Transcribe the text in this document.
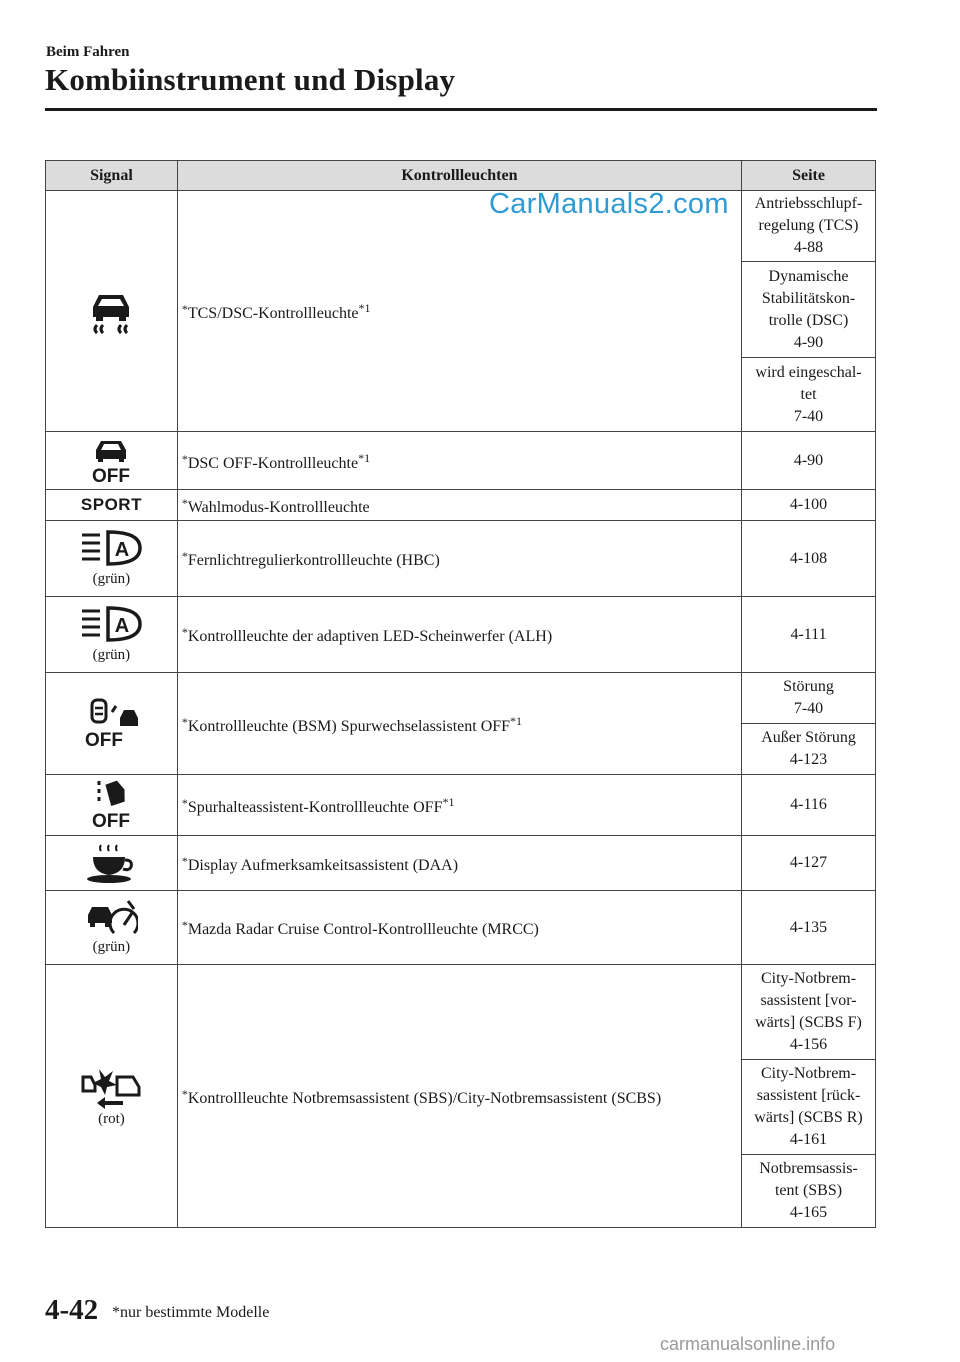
Beim Fahren
Kombiinstrument und Display
Signal	Kontrollleuchten	Seite

	*TCS/DSC-Kontrollleuchte$^{*1}$	Antriebsschlupf-
regelung (TCS)
4-88

		Dynamische
Stabilitätskon-
trolle (DSC)
4-90

		wird eingeschal-
tet
7-40

OFF	*DSC OFF-Kontrollleuchte$^{*1}$	4-90

SPORT	*Wahlmodus-Kontrollleuchte	4-100

A
(grün)	*Fernlichtregulierkontrollleuchte (HBC)	4-108

A
(grün)	*Kontrollleuchte der adaptiven LED-Scheinwerfer (ALH)	4-111

OFF	*Kontrollleuchte (BSM) Spurwechselassistent OFF$^{*1}$	Störung
7-40

		Außer Störung
4-123

OFF	*Spurhalteassistent-Kontrollleuchte OFF$^{*1}$	4-116

	*Display Aufmerksamkeitsassistent (DAA)	4-127

(grün)	*Mazda Radar Cruise Control-Kontrollleuchte (MRCC)	4-135

(rot)	*Kontrollleuchte Notbremsassistent (SBS)/City-Notbremsassistent (SCBS)	City-Notbrem-
sassistent [vor-
wärts] (SCBS F)
4-156

		City-Notbrem-
sassistent [rück-
wärts] (SCBS R)
4-161

		Notbremsassis-
tent (SBS)
4-165
CarManuals2.com
4-42 *nur bestimmte Modelle
carmanualsonline.info
